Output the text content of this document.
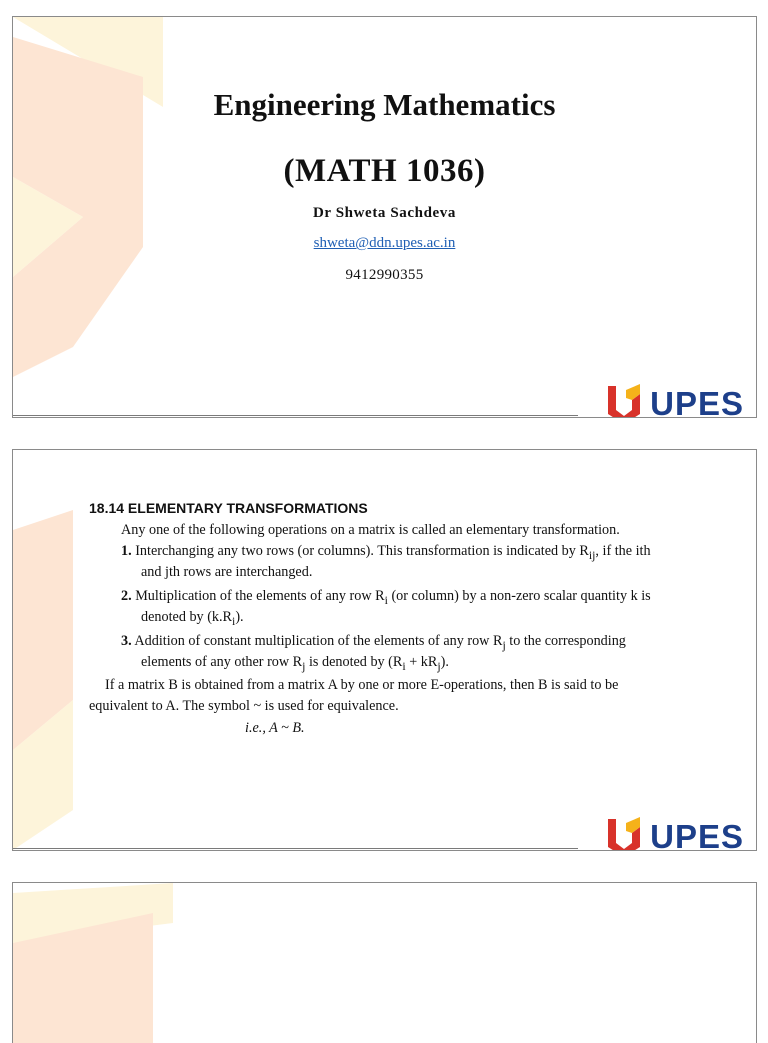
Engineering Mathematics
(MATH 1036)
Dr Shweta Sachdeva
shweta@ddn.upes.ac.in
9412990355
UPES
18.14 ELEMENTARY TRANSFORMATIONS
Any one of the following operations on a matrix is called an elementary transformation.
1. Interchanging any two rows (or columns). This transformation is indicated by $R_{ij}$, if the ith
and jth rows are interchanged.
2. Multiplication of the elements of any row $R_i$ (or column) by a non-zero scalar quantity k is
denoted by $(k.R_i)$.
3. Addition of constant multiplication of the elements of any row $R_j$ to the corresponding
elements of any other row $R_j$ is denoted by $(R_i + kR_j)$.
If a matrix B is obtained from a matrix A by one or more E-operations, then B is said to be
equivalent to A. The symbol ~ is used for equivalence.
i.e., A ~ B.
UPES
